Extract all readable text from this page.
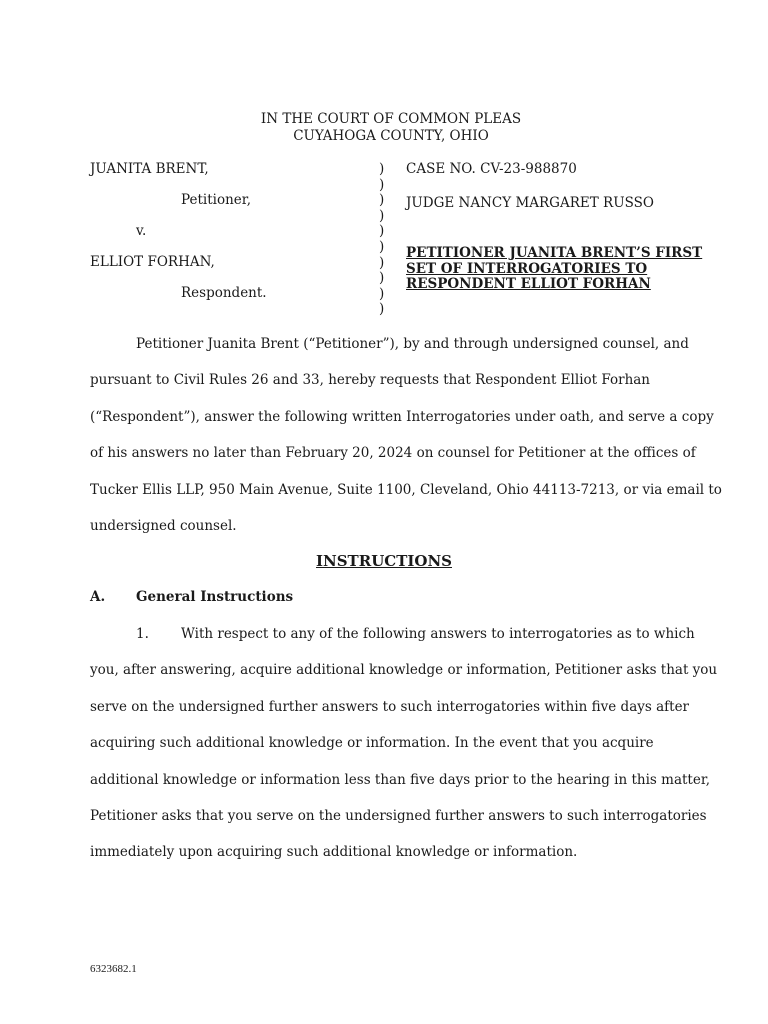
IN THE COURT OF COMMON PLEAS
CUYAHOGA COUNTY, OHIO
JUANITA BRENT,
Petitioner,
v.
ELLIOT FORHAN,
Respondent.
)
)
)
)
)
)
)
)
)
)
CASE NO. CV-23-988870
JUDGE NANCY MARGARET RUSSO
PETITIONER JUANITA BRENT’S FIRST
SET OF INTERROGATORIES TO
RESPONDENT ELLIOT FORHAN
Petitioner Juanita Brent (“Petitioner”), by and through undersigned counsel, and
pursuant to Civil Rules 26 and 33, hereby requests that Respondent Elliot Forhan
(“Respondent”), answer the following written Interrogatories under oath, and serve a copy
of his answers no later than February 20, 2024 on counsel for Petitioner at the offices of
Tucker Ellis LLP, 950 Main Avenue, Suite 1100, Cleveland, Ohio 44113-7213, or via email to
undersigned counsel.
INSTRUCTIONS
A. General Instructions
1.	With respect to any of the following answers to interrogatories as to which
you, after answering, acquire additional knowledge or information, Petitioner asks that you
serve on the undersigned further answers to such interrogatories within five days after
acquiring such additional knowledge or information. In the event that you acquire
additional knowledge or information less than five days prior to the hearing in this matter,
Petitioner asks that you serve on the undersigned further answers to such interrogatories
immediately upon acquiring such additional knowledge or information.
6323682.1
